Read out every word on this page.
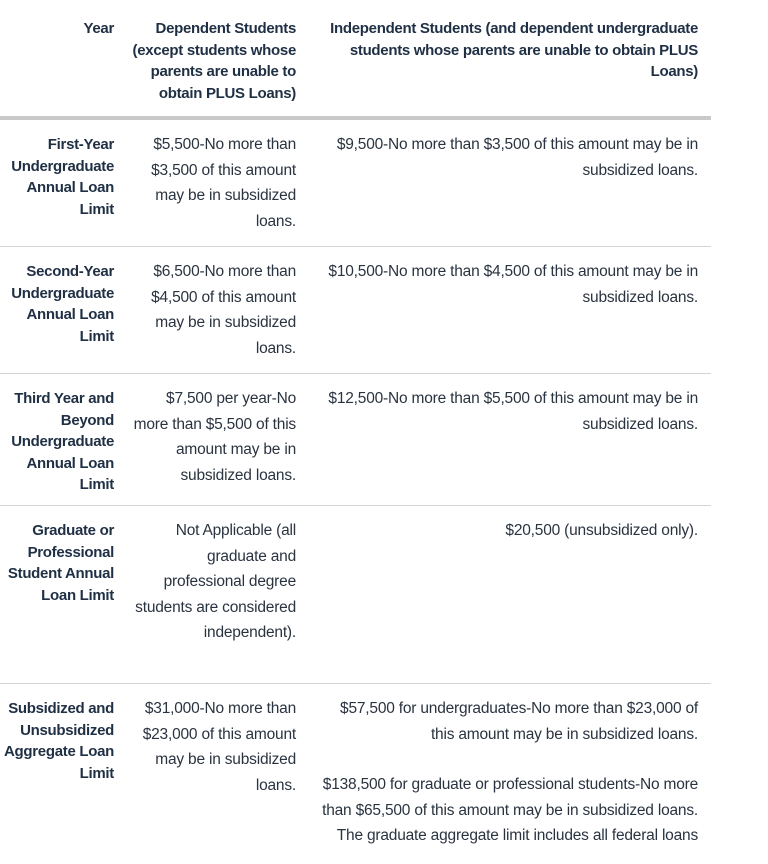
Year	Dependent Students (except students whose parents are unable to obtain PLUS Loans)
Independent Students (and dependent undergraduate students whose parents are unable to obtain PLUS Loans)
First-Year Undergraduate Annual Loan Limit
$5,500-No more than $3,500 of this amount may be in subsidized loans.
$9,500-No more than $3,500 of this amount may be in subsidized loans.
Second-Year Undergraduate Annual Loan Limit
$6,500-No more than $4,500 of this amount may be in subsidized loans.
$10,500-No more than $4,500 of this amount may be in subsidized loans.
Third Year and Beyond Undergraduate Annual Loan Limit
$7,500 per year-No more than $5,500 of this amount may be in subsidized loans.
$12,500-No more than $5,500 of this amount may be in subsidized loans.
Graduate or Professional Student Annual Loan Limit
Not Applicable (all graduate and professional degree students are considered independent).
$20,500 (unsubsidized only).
Subsidized and Unsubsidized Aggregate Loan Limit
$31,000-No more than $23,000 of this amount may be in subsidized loans.

$57,500 for undergraduates-No more than $23,000 of this amount may be in subsidized loans.

$138,500 for graduate or professional students-No more than $65,500 of this amount may be in subsidized loans. The graduate aggregate limit includes all federal loans
